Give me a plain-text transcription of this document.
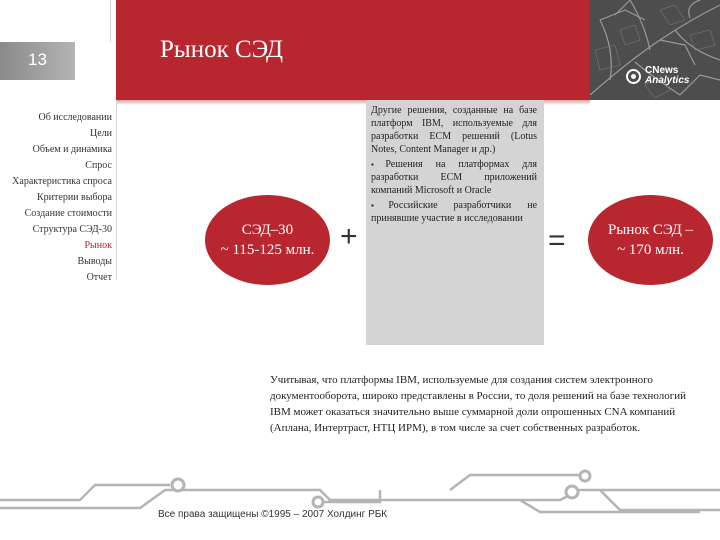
CNews
Analytics
Рынок СЭД
13
Об исследовании
Цели
Объем и динамика
Спрос
Характеристика спроса
Критерии выбора
Создание стоимости
Структура СЭД-30
Рынок
Выводы
Отчет
СЭД–30
~ 115-125 млн. +

Другие решения, созданные на базе платформ IBM, используемые для разработки ECM решений (Lotus Notes, Content Manager и др.)

▪ Решения на платформах для разработки ECM приложений компаний Microsoft и Oracle

▪ Российские разработчики не принявшие участие в исследовании

=	Рынок СЭД –
~ 170 млн.
Учитывая, что платформы IBM, используемые для создания систем электронного документооборота, широко представлены в России, то доля решений на базе технологий IBM может оказаться значительно выше суммарной доли опрошенных CNA компаний (Аплана, Интертраст, НТЦ ИРМ), в том числе за счет собственных разработок.
Все права защищены ©1995 – 2007 Холдинг РБК
